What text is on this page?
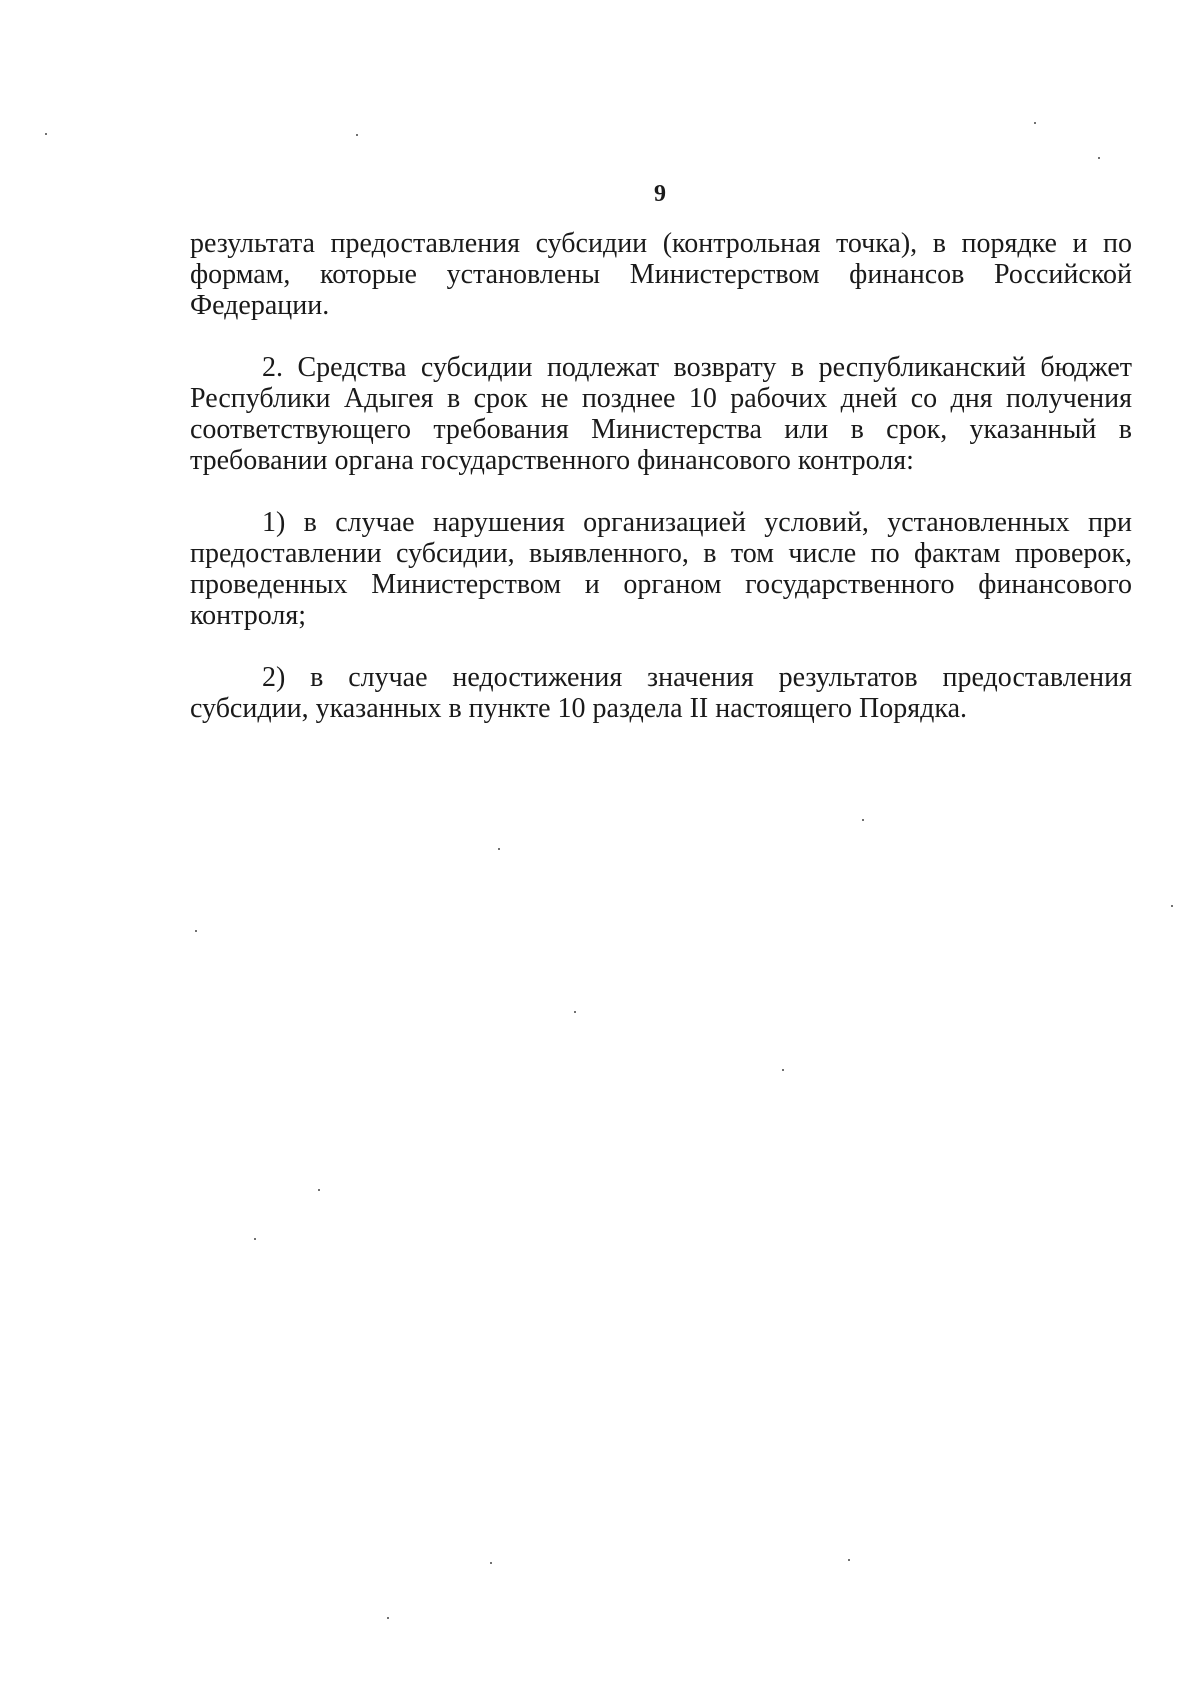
9

результата предоставления субсидии (контрольная точка), в порядке и по формам, которые установлены Министерством финансов Российской Федерации.

2. Средства субсидии подлежат возврату в республиканский бюджет Республики Адыгея в срок не позднее 10 рабочих дней со дня получения соответствующего требования Министерства или в срок, указанный в требовании органа государственного финансового контроля:

1) в случае нарушения организацией условий, установленных при предоставлении субсидии, выявленного, в том числе по фактам проверок, проведенных Министерством и органом государственного финансового контроля;

2) в случае недостижения значения результатов предоставления субсидии, указанных в пункте 10 раздела II настоящего Порядка.
